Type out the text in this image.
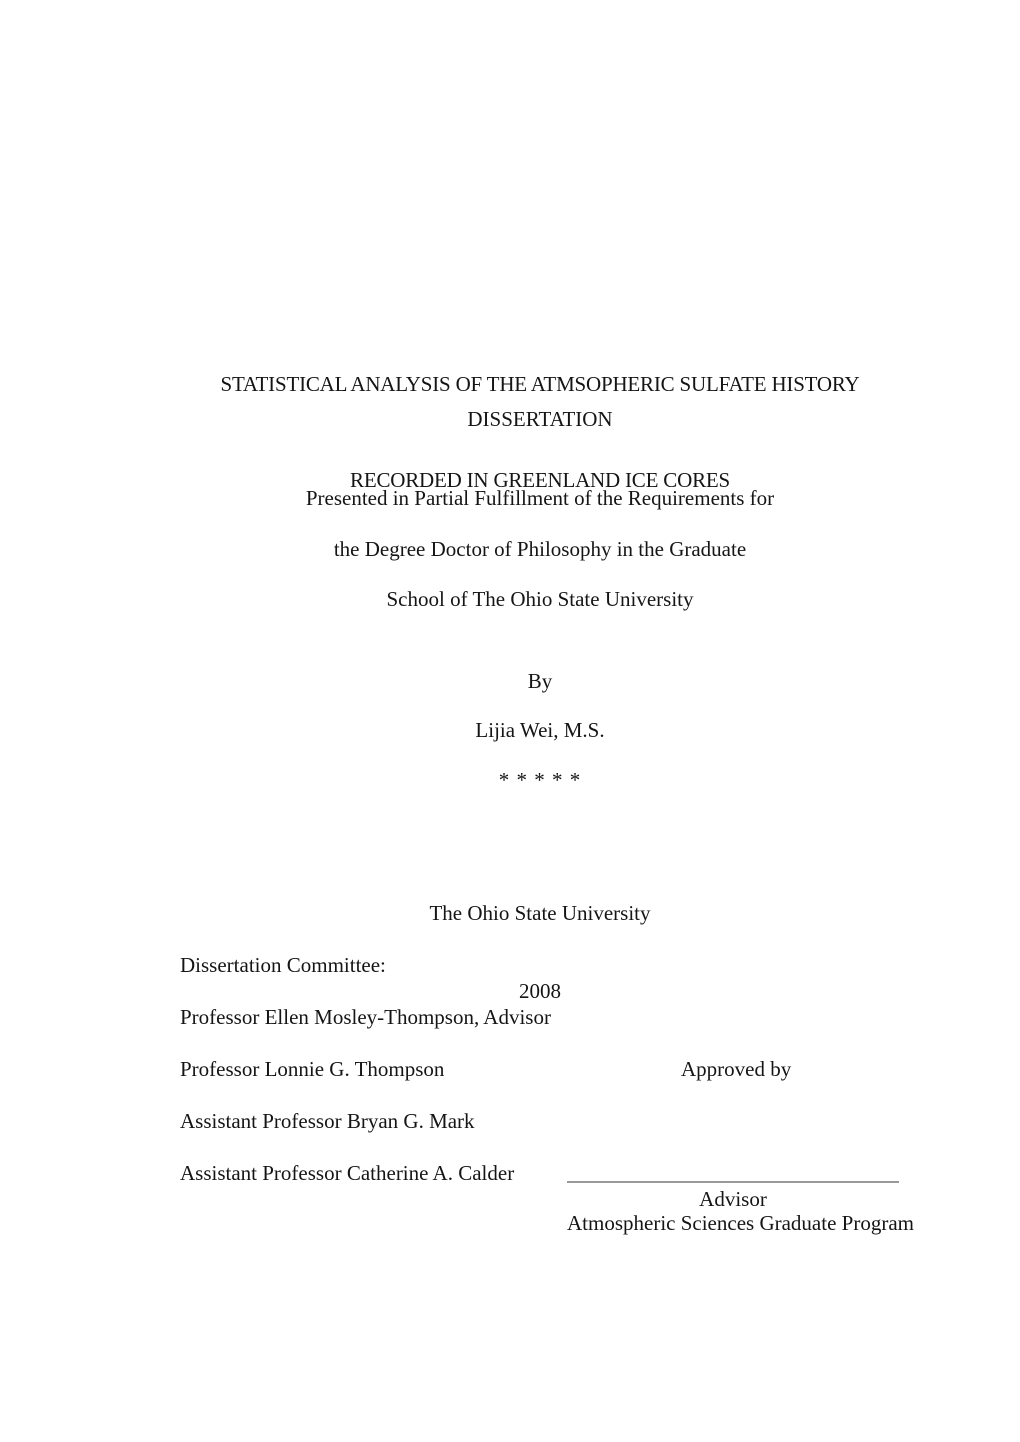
STATISTICAL ANALYSIS OF THE ATMSOPHERIC SULFATE HISTORY

RECORDED IN GREENLAND ICE CORES

DISSERTATION
Presented in Partial Fulfillment of the Requirements for
the Degree Doctor of Philosophy in the Graduate
School of The Ohio State University
By
Lijia Wei, M.S.
* * * * *

The Ohio State University

2008

Dissertation Committee:
Professor Ellen Mosley-Thompson, Advisor
Professor Lonnie G. Thompson
Assistant Professor Bryan G. Mark
Assistant Professor Catherine A. Calder
Approved by
Advisor
Atmospheric Sciences Graduate Program
